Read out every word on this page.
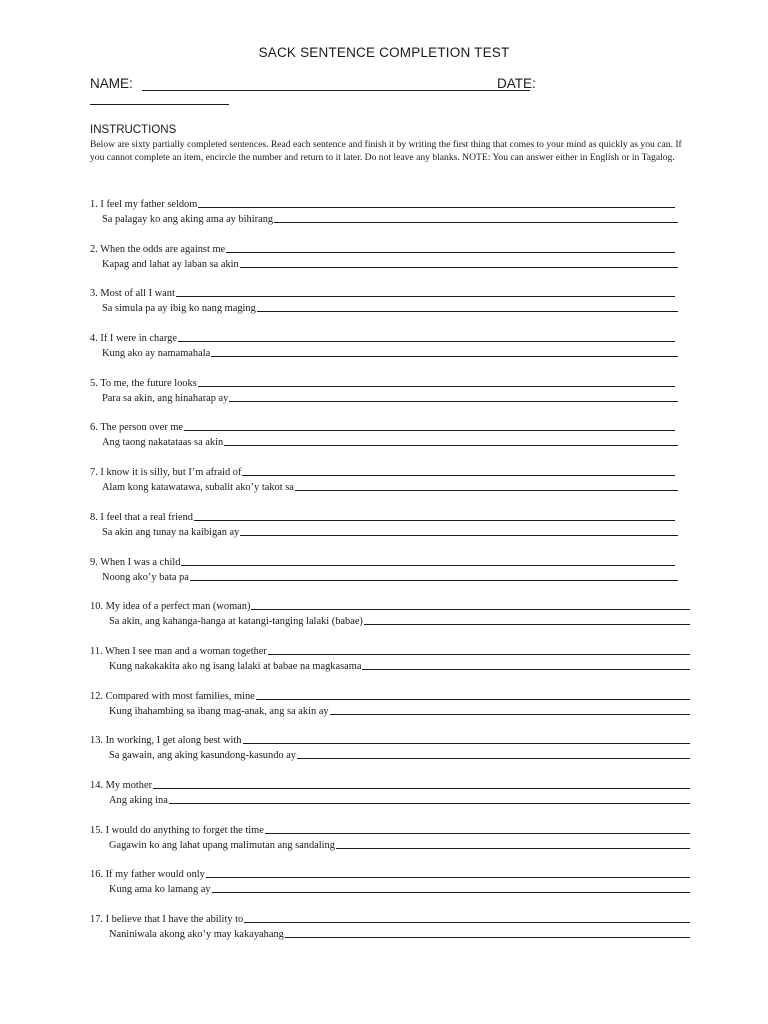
SACK SENTENCE COMPLETION TEST
NAME:	DATE:
INSTRUCTIONS
Below are sixty partially completed sentences. Read each sentence and finish it by writing the first thing that comes to your mind as quickly as you can. If you cannot complete an item, encircle the number and return to it later. Do not leave any blanks. NOTE: You can answer either in English or in Tagalog.
1. I feel my father seldom
Sa palagay ko ang aking ama ay bihirang
2. When the odds are against me
Kapag and lahat ay laban sa akin
3. Most of all I want
Sa simula pa ay ibig ko nang maging
4. If I were in charge
Kung ako ay namamahala
5. To me, the future looks
Para sa akin, ang hinaharap ay
6. The person over me
Ang taong nakatataas sa akin
7. I know it is silly, but I’m afraid of
Alam kong katawatawa, subalit ako’y takot sa
8. I feel that a real friend
Sa akin ang tunay na kaibigan ay
9. When I was a child
Noong ako’y bata pa
10. My idea of a perfect man (woman)
Sa akin, ang kahanga-hanga at katangi-tanging lalaki (babae)
11. When I see man and a woman together
Kung nakakakita ako ng isang lalaki at babae na magkasama
12. Compared with most families, mine
Kung ihahambing sa ibang mag-anak, ang sa akin ay
13. In working, I get along best with
Sa gawain, ang aking kasundong-kasundo ay
14. My mother
Ang aking ina
15. I would do anything to forget the time
Gagawin ko ang lahat upang malimutan ang sandaling
16. If my father would only
Kung ama ko lamang ay
17. I believe that I have the ability to
Naniniwala akong ako’y may kakayahang
